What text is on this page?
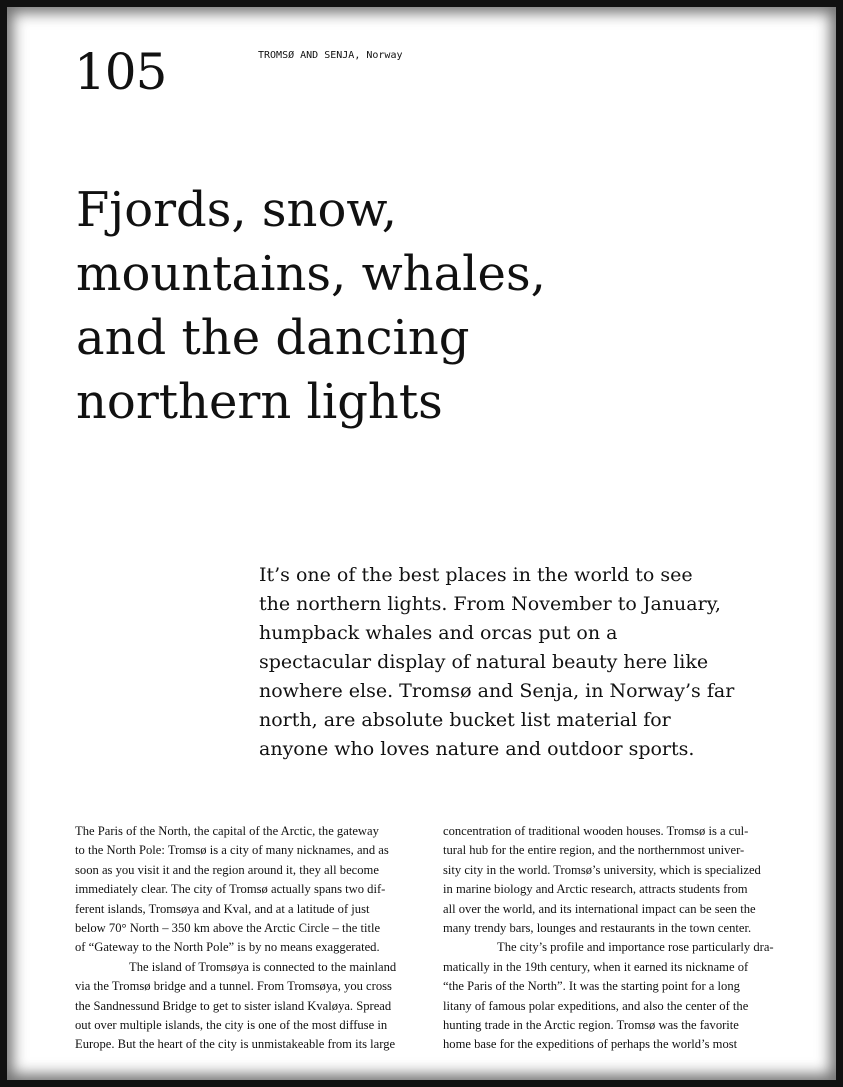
105	TROMSØ AND SENJA, Norway
Fjords, snow,
mountains, whales,
and the dancing
northern lights

It’s one of the best places in the world to see
the northern lights. From November to January,
humpback whales and orcas put on a
spectacular display of natural beauty here like
nowhere else. Tromsø and Senja, in Norway’s far
north, are absolute bucket list material for
anyone who loves nature and outdoor sports.

The Paris of the North, the capital of the Arctic, the gateway
to the North Pole: Tromsø is a city of many nicknames, and as
soon as you visit it and the region around it, they all become
immediately clear. The city of Tromsø actually spans two dif-
ferent islands, Tromsøya and Kval, and at a latitude of just
below 70° North – 350 km above the Arctic Circle – the title
of “Gateway to the North Pole” is by no means exaggerated.
The island of Tromsøya is connected to the mainland
via the Tromsø bridge and a tunnel. From Tromsøya, you cross
the Sandnessund Bridge to get to sister island Kvaløya. Spread
out over multiple islands, the city is one of the most diffuse in
Europe. But the heart of the city is unmistakeable from its large
concentration of traditional wooden houses. Tromsø is a cul-
tural hub for the entire region, and the northernmost univer-
sity city in the world. Tromsø’s university, which is specialized
in marine biology and Arctic research, attracts students from
all over the world, and its international impact can be seen the
many trendy bars, lounges and restaurants in the town center.
The city’s profile and importance rose particularly dra-
matically in the 19th century, when it earned its nickname of
“the Paris of the North”. It was the starting point for a long
litany of famous polar expeditions, and also the center of the
hunting trade in the Arctic region. Tromsø was the favorite
home base for the expeditions of perhaps the world’s most
